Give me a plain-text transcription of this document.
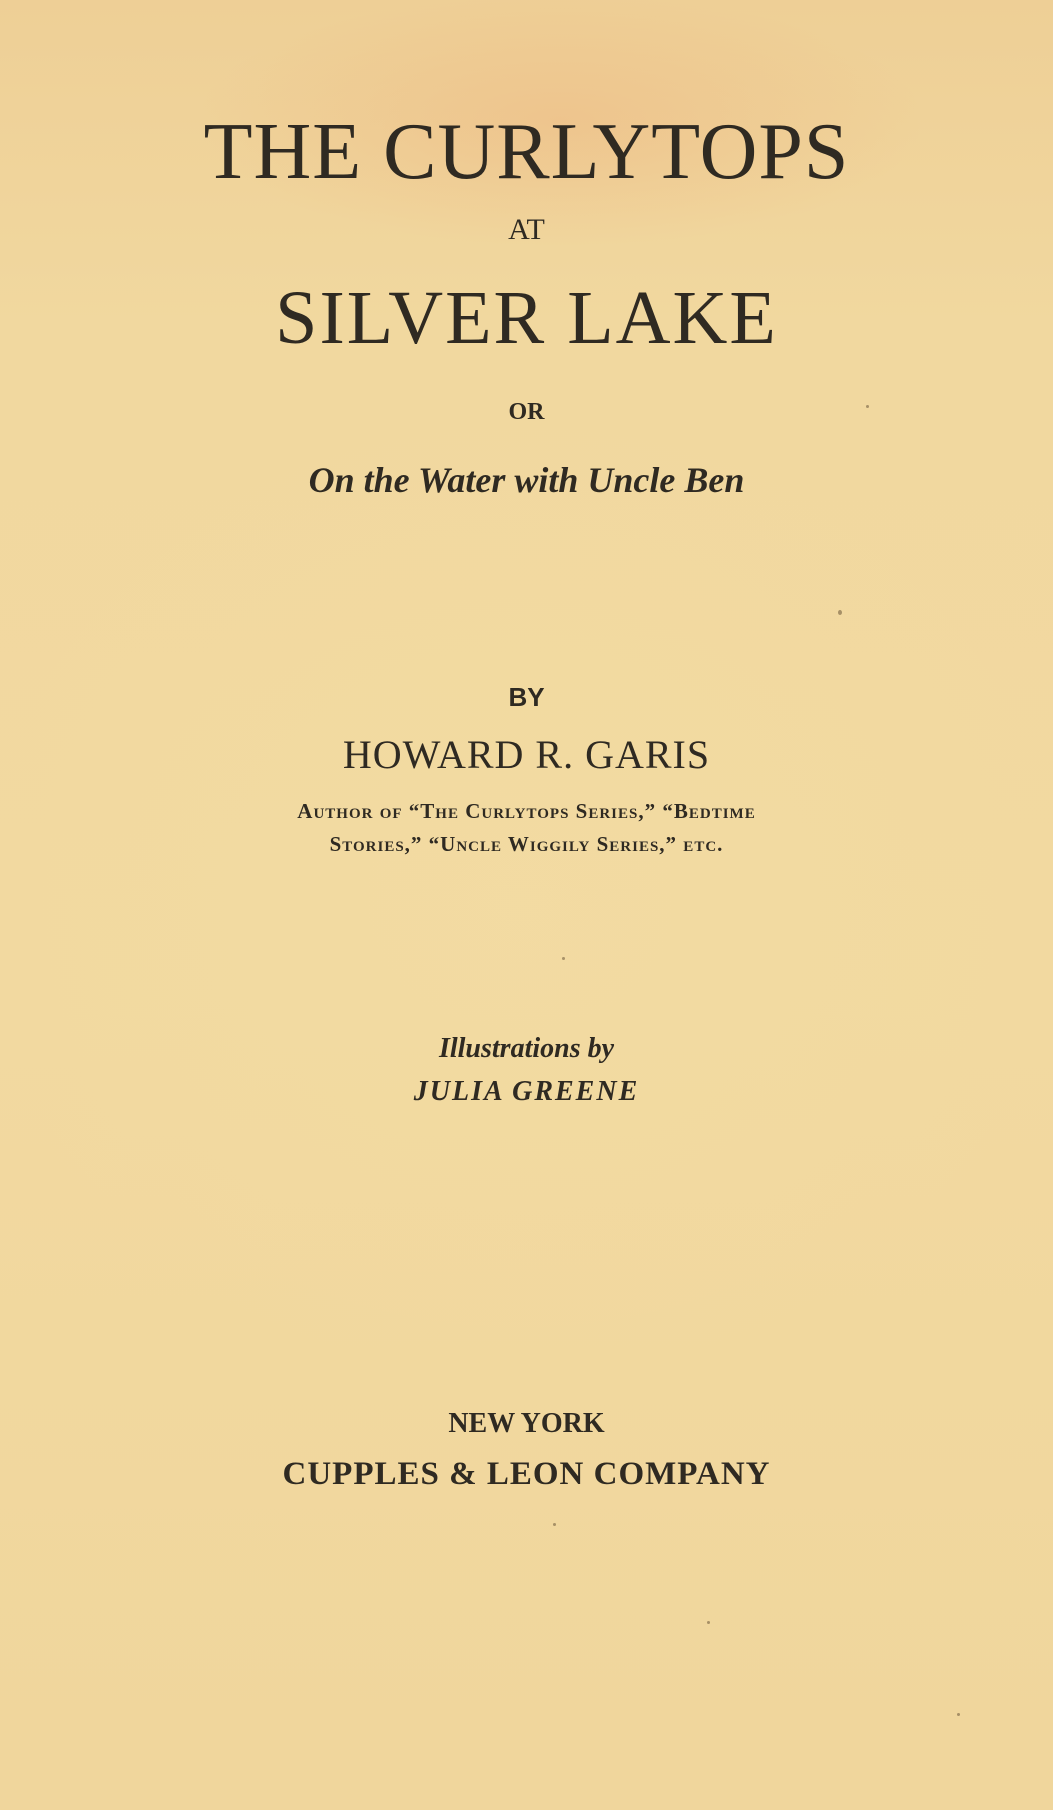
THE CURLYTOPS
AT
SILVER LAKE
OR
On the Water with Uncle Ben
BY
HOWARD R. GARIS
Author of “The Curlytops Series,” “Bedtime
Stories,” “Uncle Wiggily Series,” etc.
Illustrations by
JULIA GREENE
NEW YORK
CUPPLES & LEON COMPANY
